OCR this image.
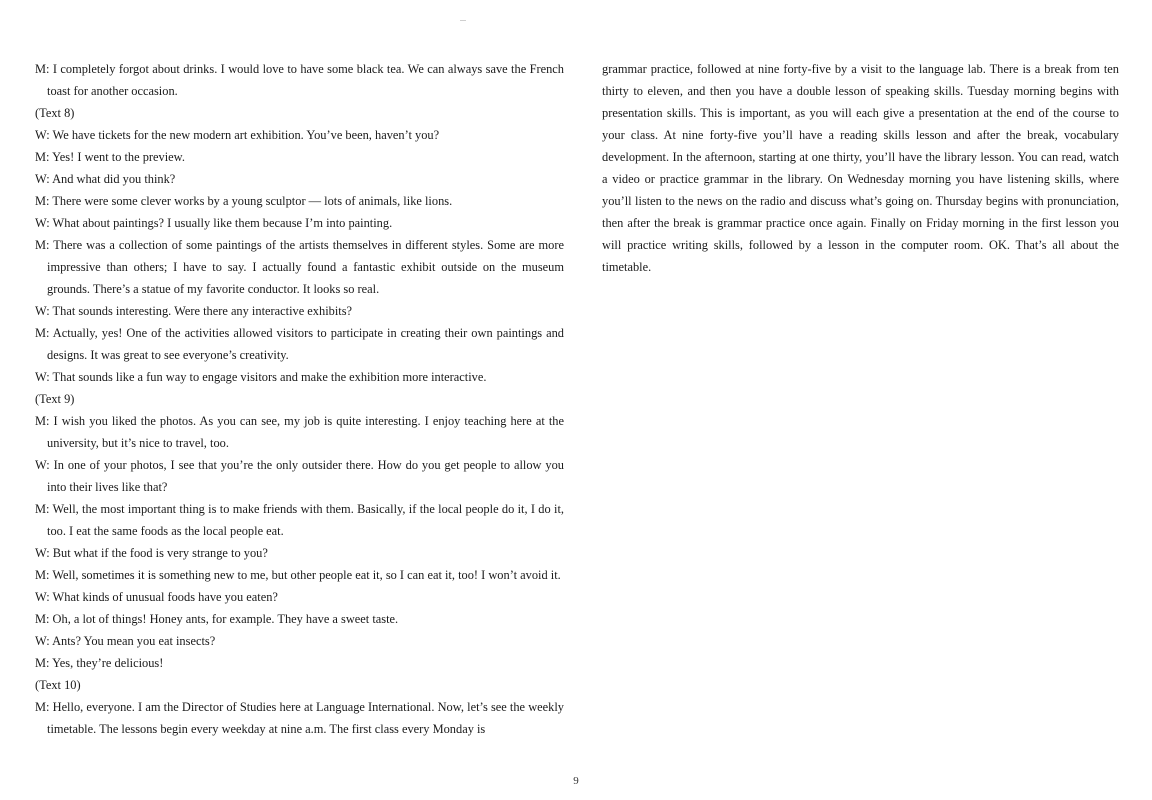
M: I completely forgot about drinks. I would love to have some black tea. We can always save the French toast for another occasion.

(Text 8)

W: We have tickets for the new modern art exhibition. You’ve been, haven’t you?

M: Yes! I went to the preview.

W: And what did you think?

M: There were some clever works by a young sculptor — lots of animals, like lions.

W: What about paintings? I usually like them because I’m into painting.

M: There was a collection of some paintings of the artists themselves in different styles. Some are more impressive than others; I have to say. I actually found a fantastic exhibit outside on the museum grounds. There’s a statue of my favorite conductor. It looks so real.

W: That sounds interesting. Were there any interactive exhibits?

M: Actually, yes! One of the activities allowed visitors to participate in creating their own paintings and designs. It was great to see everyone’s creativity.

W: That sounds like a fun way to engage visitors and make the exhibition more interactive.

(Text 9)

M: I wish you liked the photos. As you can see, my job is quite interesting. I enjoy teaching here at the university, but it’s nice to travel, too.

W: In one of your photos, I see that you’re the only outsider there. How do you get people to allow you into their lives like that?

M: Well, the most important thing is to make friends with them. Basically, if the local people do it, I do it, too. I eat the same foods as the local people eat.

W: But what if the food is very strange to you?

M: Well, sometimes it is something new to me, but other people eat it, so I can eat it, too! I won’t avoid it.

W: What kinds of unusual foods have you eaten?

M: Oh, a lot of things! Honey ants, for example. They have a sweet taste.

W: Ants? You mean you eat insects?

M: Yes, they’re delicious!

(Text 10)

M: Hello, everyone. I am the Director of Studies here at Language International. Now, let’s see the weekly timetable. The lessons begin every weekday at nine a.m. The first class every Monday is

grammar practice, followed at nine forty-five by a visit to the language lab. There is a break from ten thirty to eleven, and then you have a double lesson of speaking skills. Tuesday morning begins with presentation skills. This is important, as you will each give a presentation at the end of the course to your class. At nine forty-five you’ll have a reading skills lesson and after the break, vocabulary development. In the afternoon, starting at one thirty, you’ll have the library lesson. You can read, watch a video or practice grammar in the library. On Wednesday morning you have listening skills, where you’ll listen to the news on the radio and discuss what’s going on. Thursday begins with pronunciation, then after the break is grammar practice once again. Finally on Friday morning in the first lesson you will practice writing skills, followed by a lesson in the computer room. OK. That’s all about the timetable.

9
